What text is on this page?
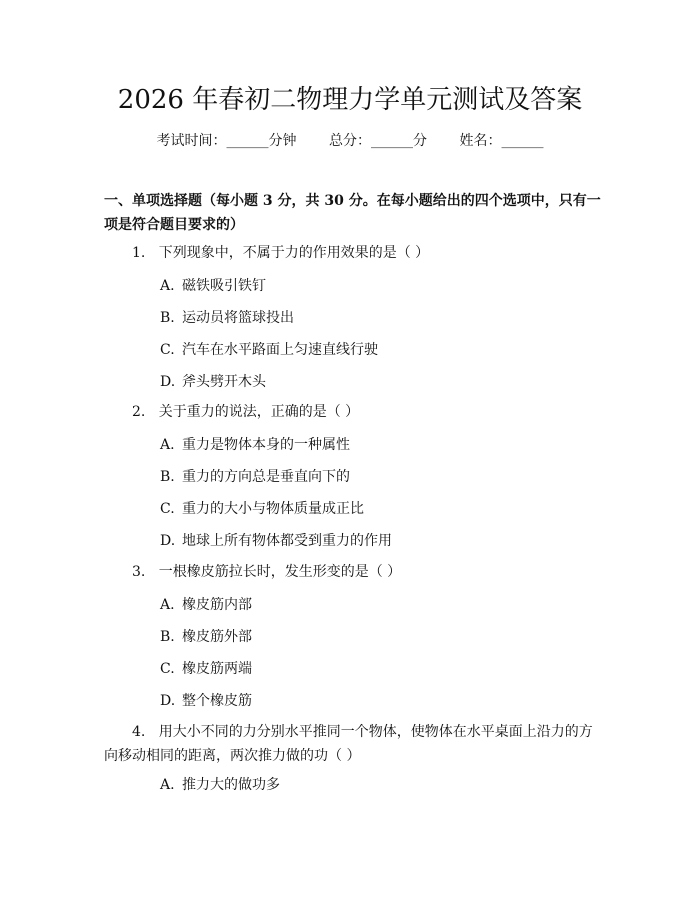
2026 年春初二物理力学单元测试及答案
考试时间：______分钟 总分：______分 姓名：______

一、单项选择题（每小题 3 分，共 30 分。在每小题给出的四个选项中，只有一项是符合题目要求的）

1. 下列现象中，不属于力的作用效果的是（ ）
A. 磁铁吸引铁钉
B. 运动员将篮球投出
C. 汽车在水平路面上匀速直线行驶
D. 斧头劈开木头
2. 关于重力的说法，正确的是（ ）
A. 重力是物体本身的一种属性
B. 重力的方向总是垂直向下的
C. 重力的大小与物体质量成正比
D. 地球上所有物体都受到重力的作用
3. 一根橡皮筋拉长时，发生形变的是（ ）
A. 橡皮筋内部
B. 橡皮筋外部
C. 橡皮筋两端
D. 整个橡皮筋
4. 用大小不同的力分别水平推同一个物体，使物体在水平桌面上沿力的方向移动相同的距离，两次推力做的功（ ）
A. 推力大的做功多
